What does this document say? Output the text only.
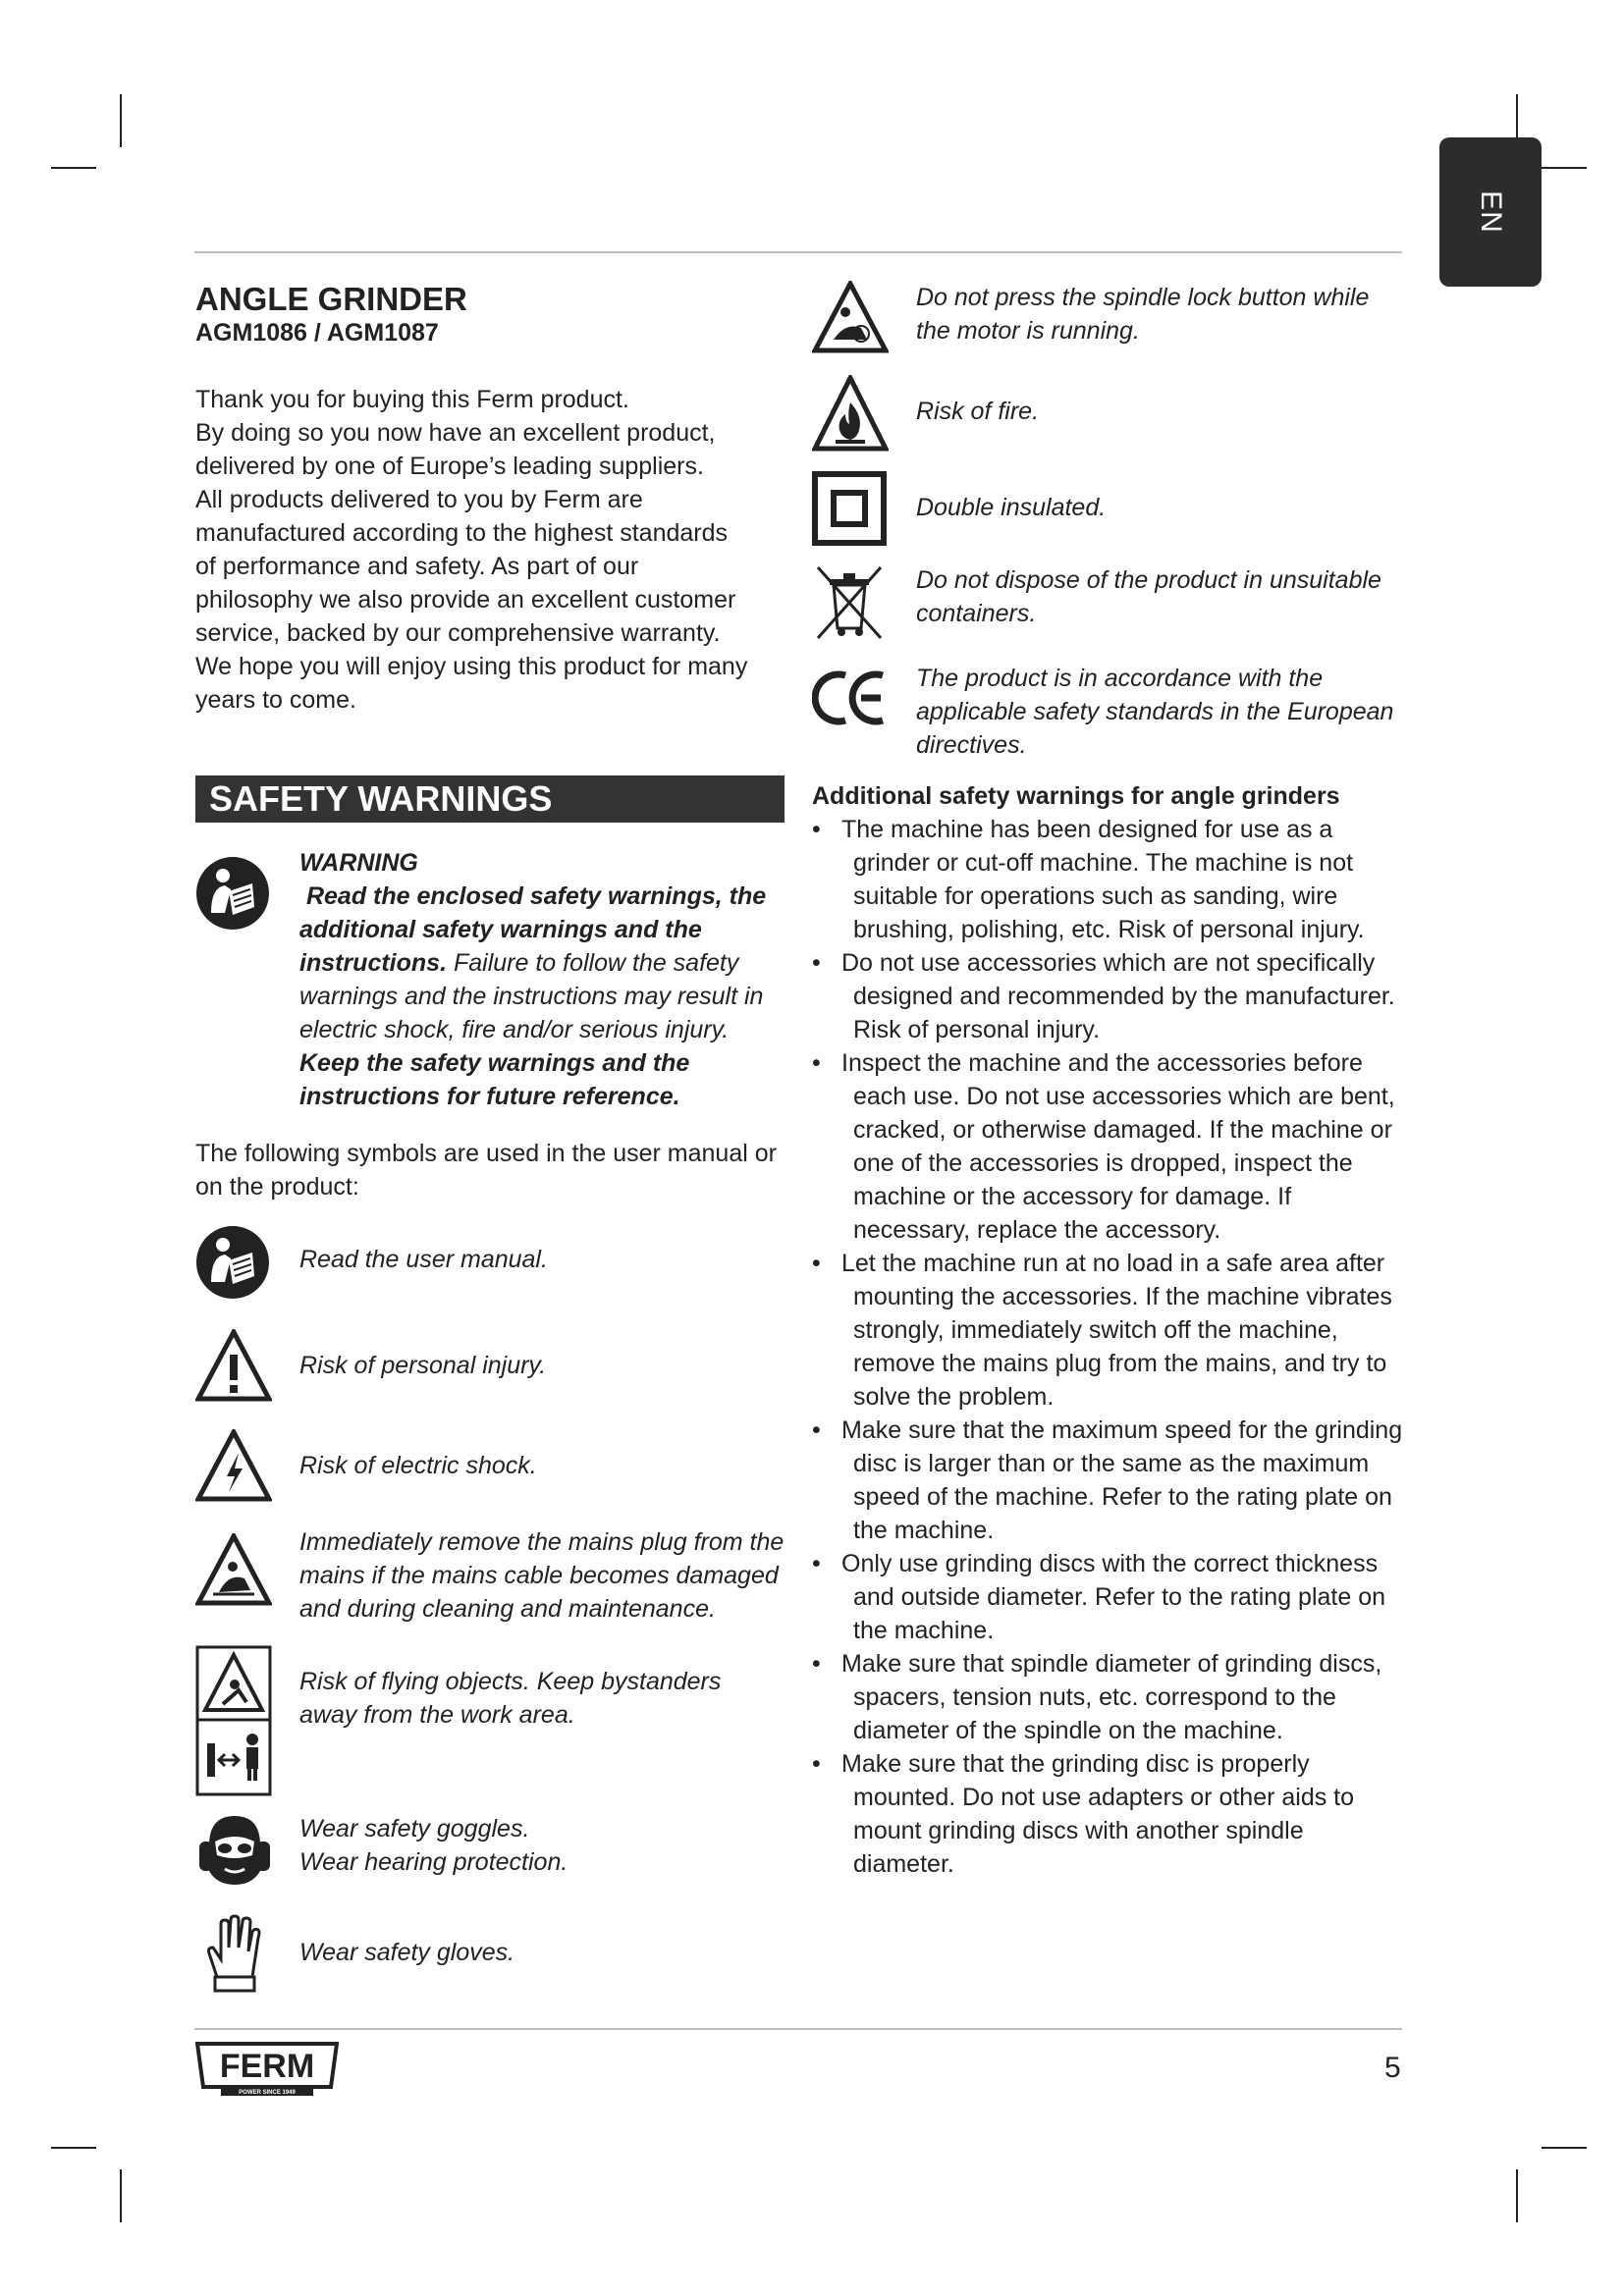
EN
ANGLE GRINDER

AGM1086 / AGM1087

Thank you for buying this Ferm product.

By doing so you now have an excellent product,

delivered by one of Europe’s leading suppliers.

All products delivered to you by Ferm are

manufactured according to the highest standards

of performance and safety. As part of our

philosophy we also provide an excellent customer

service, backed by our comprehensive warranty.

We hope you will enjoy using this product for many

years to come.

SAFETY WARNINGS
WARNING
Read the enclosed safety warnings, the additional safety warnings and the instructions. Failure to follow the safety warnings and the instructions may result in electric shock, fire and/or serious injury. Keep the safety warnings and the instructions for future reference.
The following symbols are used in the user manual or on the product:
Read the user manual.
Risk of personal injury.
Risk of electric shock.
Immediately remove the mains plug from the mains if the mains cable becomes damaged and during cleaning and maintenance.
Risk of flying objects. Keep bystanders away from the work area.
Wear safety goggles.
Wear hearing protection.
Wear safety gloves.
Do not press the spindle lock button while the motor is running.
Risk of fire.
Double insulated.
Do not dispose of the product in unsuitable containers.
The product is in accordance with the applicable safety standards in the European directives.
Additional safety warnings for angle grinders
• The machine has been designed for use as a grinder or cut-off machine. The machine is not suitable for operations such as sanding, wire brushing, polishing, etc. Risk of personal injury.
• Do not use accessories which are not specifically designed and recommended by the manufacturer. Risk of personal injury.
• Inspect the machine and the accessories before each use. Do not use accessories which are bent, cracked, or otherwise damaged. If the machine or one of the accessories is dropped, inspect the machine or the accessory for damage. If necessary, replace the accessory.
• Let the machine run at no load in a safe area after mounting the accessories. If the machine vibrates strongly, immediately switch off the machine, remove the mains plug from the mains, and try to solve the problem.
• Make sure that the maximum speed for the grinding disc is larger than or the same as the maximum speed of the machine. Refer to the rating plate on the machine.
• Only use grinding discs with the correct thickness and outside diameter. Refer to the rating plate on the machine.
• Make sure that spindle diameter of grinding discs, spacers, tension nuts, etc. correspond to the diameter of the spindle on the machine.
• Make sure that the grinding disc is properly mounted. Do not use adapters or other aids to mount grinding discs with another spindle diameter.
FERM
POWER SINCE 1949
5
